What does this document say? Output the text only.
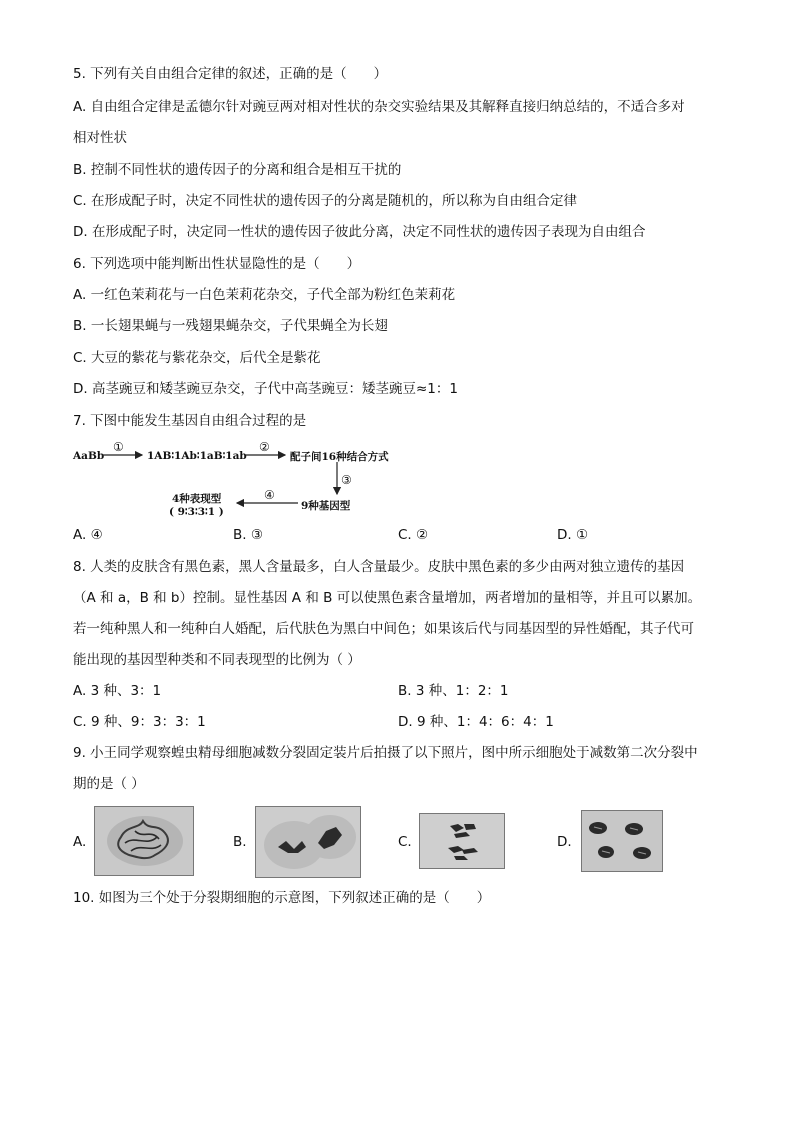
5. 下列有关自由组合定律的叙述，正确的是（　　）
A. 自由组合定律是孟德尔针对豌豆两对相对性状的杂交实验结果及其解释直接归纳总结的，不适合多对
相对性状
B. 控制不同性状的遗传因子的分离和组合是相互干扰的
C. 在形成配子时，决定不同性状的遗传因子的分离是随机的，所以称为自由组合定律
D. 在形成配子时，决定同一性状的遗传因子彼此分离，决定不同性状的遗传因子表现为自由组合
6. 下列选项中能判断出性状显隐性的是（　　）
A. 一红色茉莉花与一白色茉莉花杂交，子代全部为粉红色茉莉花
B. 一长翅果蝇与一残翅果蝇杂交，子代果蝇全为长翅
C. 大豆的紫花与紫花杂交，后代全是紫花
D. 高茎豌豆和矮茎豌豆杂交，子代中高茎豌豆：矮茎豌豆≈1：1
7. 下图中能发生基因自由组合过程的是
AaBb
①
1AB∶1Ab∶1aB∶1ab
②
配子间16种结合方式
③
9种基因型
④
4种表现型
( 9∶3∶3∶1 )
A. ④	B. ③	C. ②	D. ①
8. 人类的皮肤含有黑色素，黑人含量最多，白人含量最少。皮肤中黑色素的多少由两对独立遗传的基因
（A 和 a，B 和 b）控制。显性基因 A 和 B 可以使黑色素含量增加，两者增加的量相等，并且可以累加。
若一纯种黑人和一纯种白人婚配，后代肤色为黑白中间色；如果该后代与同基因型的异性婚配，其子代可
能出现的基因型种类和不同表现型的比例为（ ）
A. 3 种、3：1	B. 3 种、1：2：1
C. 9 种、9：3：3：1	D. 9 种、1：4：6：4：1
9. 小王同学观察蝗虫精母细胞减数分裂固定装片后拍摄了以下照片，图中所示细胞处于减数第二次分裂中
期的是（ ）
A.	B.	C.	D.
10. 如图为三个处于分裂期细胞的示意图，下列叙述正确的是（　　）
